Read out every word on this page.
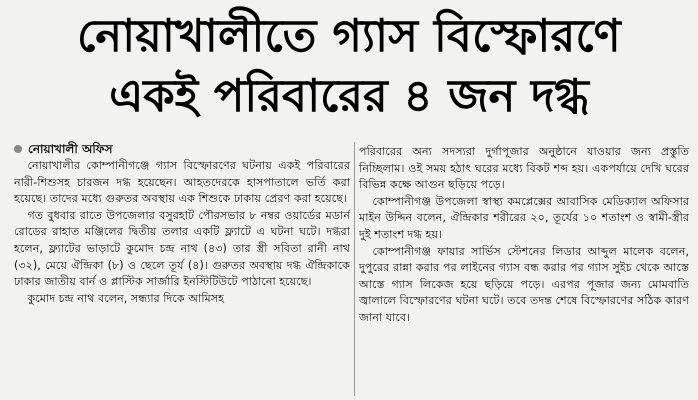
নোয়াখালীতে গ্যাস বিস্ফোরণে
একই পরিবারের ৪ জন দগ্ধ
নোয়াখালী অফিস

নোয়াখালীর কোম্পানীগঞ্জে গ্যাস বিস্ফোরণের ঘটনায় একই পরিবারের নারী-শিশুসহ চারজন দগ্ধ হয়েছেন। আহতদেরকে হাসপাতালে ভর্তি করা হয়েছে। তাদের মধ্যে গুরুতর অবস্থায় এক শিশুকে ঢাকায় প্রেরণ করা হয়েছে।

গত বুধবার রাতে উপজেলার বসুরহাট পৌরসভার ৮ নম্বর ওয়ার্ডের মডার্ন রোডের রাহাত মঞ্জিলের দ্বিতীয় তলার একটি ফ্ল্যাটে এ ঘটনা ঘটে। দগ্ধরা হলেন, ফ্ল্যাটের ভাড়াটে কুমোদ চন্দ্র নাথ (৪৩) তার স্ত্রী সবিতা রানী নাথ (৩২), মেয়ে ঐন্দ্রিকা (৮) ও ছেলে তূর্য (৪)। গুরুতর অবস্থায় দগ্ধ ঐন্দ্রিকাকে ঢাকার জাতীয় বার্ন ও প্লাস্টিক সার্জারি ইনস্টিটিউটে পাঠানো হয়েছে।

কুমোদ চন্দ্র নাথ বলেন, সন্ধ্যার দিকে আমিসহ

পরিবারের অন্য সদস্যরা দুর্গাপূজার অনুষ্ঠানে যাওয়ার জন্য প্রস্তুতি নিচ্ছিলাম। ওই সময় হঠাৎ ঘরের মধ্যে বিকট শব্দ হয়। একপর্যায়ে দেখি ঘরের বিভিন্ন কক্ষে আগুন ছড়িয়ে পড়ে।

কোম্পানীগঞ্জ উপজেলা স্বাস্থ্য কমপ্লেক্সের আবাসিক মেডিক্যাল অফিসার মাইন উদ্দিন বলেন, ঐন্দ্রিকার শরীরের ২০, তূর্যের ১০ শতাংশ ও স্বামী-স্ত্রীর দুই শতাংশ দগ্ধ হয়।

কোম্পানীগঞ্জ ফায়ার সার্ভিস স্টেশনের লিডার আব্দুল মালেক বলেন, দুপুরের রান্না করার পর লাইনের গ্যাস বন্ধ করার পর গ্যাস সুইচ থেকে আস্তে আস্তে গ্যাস লিকেজ হয়ে ছড়িয়ে পড়ে। এরপর পূজার জন্য মোমবাতি জ্বালালে বিস্ফোরণের ঘটনা ঘটে। তবে তদন্ত শেষে বিস্ফোরণের সঠিক কারণ জানা যাবে।
